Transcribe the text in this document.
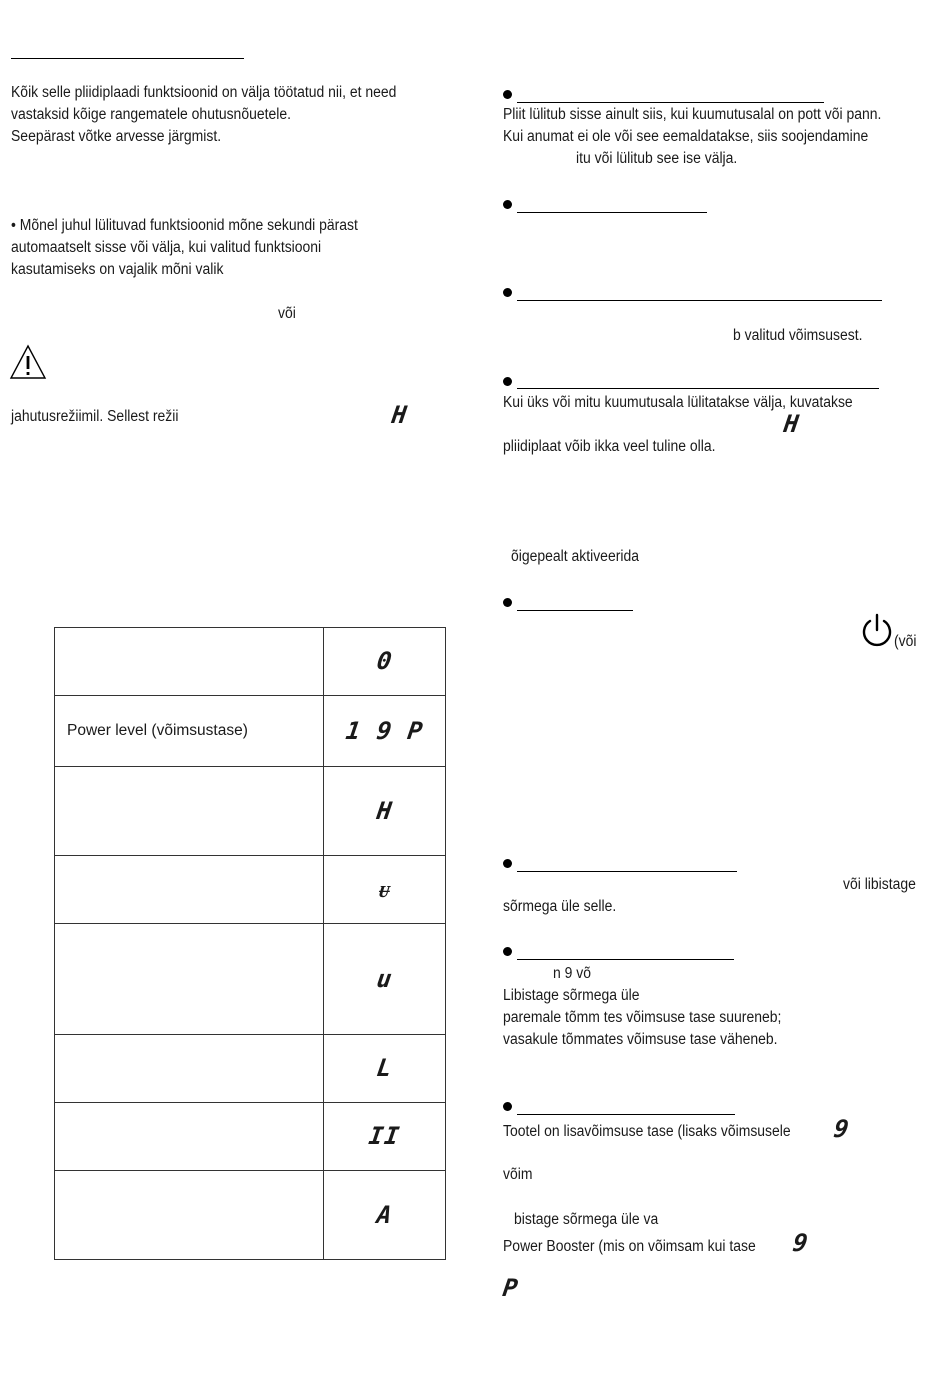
Kõik selle pliidiplaadi funktsioonid on välja töötatud nii, et need
vastaksid kõige rangematele ohutusnõuetele.
Seepärast võtke arvesse järgmist.
• Mõnel juhul lülituvad funktsioonid mõne sekundi pärast
automaatselt sisse või välja, kui valitud funktsiooni
kasutamiseks on vajalik mõni valik
või
jahutusrežiimil. Sellest režii	H
	0
Power level (võimsustase)	1 9 P
	H
	ᵾ
	u
	L
	II
	A
Pliit lülitub sisse ainult siis, kui kuumutusalal on pott või pann.
Kui anumat ei ole või see eemaldatakse, siis soojendamine
itu või lülitub see ise välja.
b valitud võimsusest.
Kui üks või mitu kuumutusala lülitatakse välja, kuvatakse
H
pliidiplaat võib ikka veel tuline olla.
õigepealt aktiveerida
(või
või libistage
sõrmega üle selle.
n 9 võ
Libistage sõrmega üle
paremale tõmm tes võimsuse tase suureneb;
vasakule tõmmates võimsuse tase väheneb.
Tootel on lisavõimsuse tase (lisaks võimsusele 9
võim
bistage sõrmega üle va
Power Booster (mis on võimsam kui tase 9
P
